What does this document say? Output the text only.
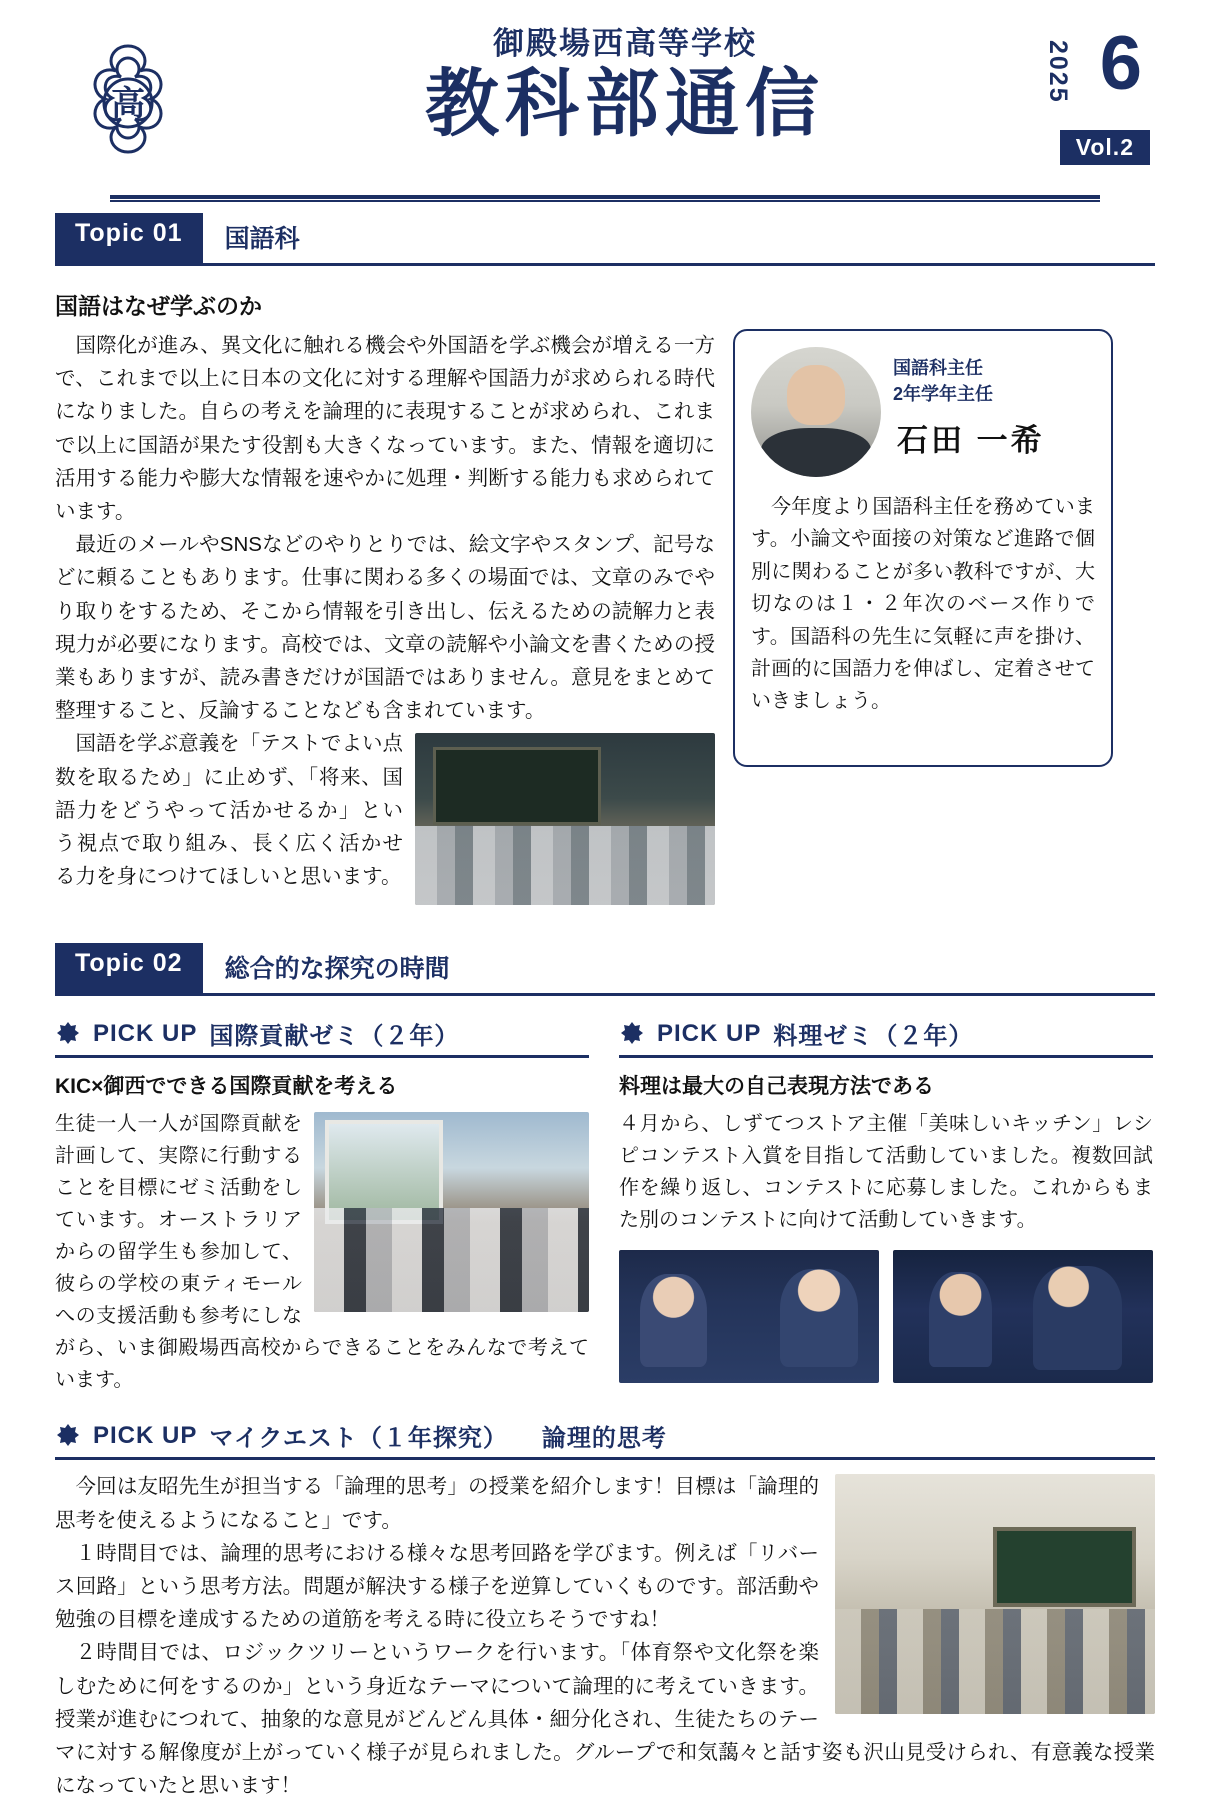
高
御殿場西高等学校
教科部通信	2025 6
Vol.2
Topic 01	国語科
国語はなぜ学ぶのか

国際化が進み、異文化に触れる機会や外国語を学ぶ機会が増える一方で、これまで以上に日本の文化に対する理解や国語力が求められる時代になりました。自らの考えを論理的に表現することが求められ、これまで以上に国語が果たす役割も大きくなっています。また、情報を適切に活用する能力や膨大な情報を速やかに処理・判断する能力も求められています。

最近のメールやSNSなどのやりとりでは、絵文字やスタンプ、記号などに頼ることもあります。仕事に関わる多くの場面では、文章のみでやり取りをするため、そこから情報を引き出し、伝えるための読解力と表現力が必要になります。高校では、文章の読解や小論文を書くための授業もありますが、読み書きだけが国語ではありません。意見をまとめて整理すること、反論することなども含まれています。

国語を学ぶ意義を「テストでよい点数を取るため」に止めず、「将来、国語力をどうやって活かせるか」という視点で取り組み、長く広く活かせる力を身につけてほしいと思います。

国語科主任
2年学年主任
石田 一希
今年度より国語科主任を務めています。小論文や面接の対策など進路で個別に関わることが多い教科ですが、大切なのは１・２年次のベース作りです。国語科の先生に気軽に声を掛け、計画的に国語力を伸ばし、定着させていきましょう。
Topic 02	総合的な探究の時間
PICK UP 国際貢献ゼミ（２年）
KIC×御西でできる国際貢献を考える
生徒一人一人が国際貢献を計画して、実際に行動することを目標にゼミ活動をしています。オーストラリアからの留学生も参加して、彼らの学校の東ティモールへの支援活動も参考にしながら、いま御殿場西高校からできることをみんなで考えています。
PICK UP 料理ゼミ（２年）
料理は最大の自己表現方法である
４月から、しずてつストア主催「美味しいキッチン」レシピコンテスト入賞を目指して活動していました。複数回試作を繰り返し、コンテストに応募しました。これからもまた別のコンテストに向けて活動していきます。
PICK UP マイクエスト（１年探究） 論理的思考

今回は友昭先生が担当する「論理的思考」の授業を紹介します！目標は「論理的思考を使えるようになること」です。

１時間目では、論理的思考における様々な思考回路を学びます。例えば「リバース回路」という思考方法。問題が解決する様子を逆算していくものです。部活動や勉強の目標を達成するための道筋を考える時に役立ちそうですね！

２時間目では、ロジックツリーというワークを行います。「体育祭や文化祭を楽しむために何をするのか」という身近なテーマについて論理的に考えていきます。授業が進むにつれて、抽象的な意見がどんどん具体・細分化され、生徒たちのテーマに対する解像度が上がっていく様子が見られました。グループで和気藹々と話す姿も沢山見受けられ、有意義な授業になっていたと思います！
